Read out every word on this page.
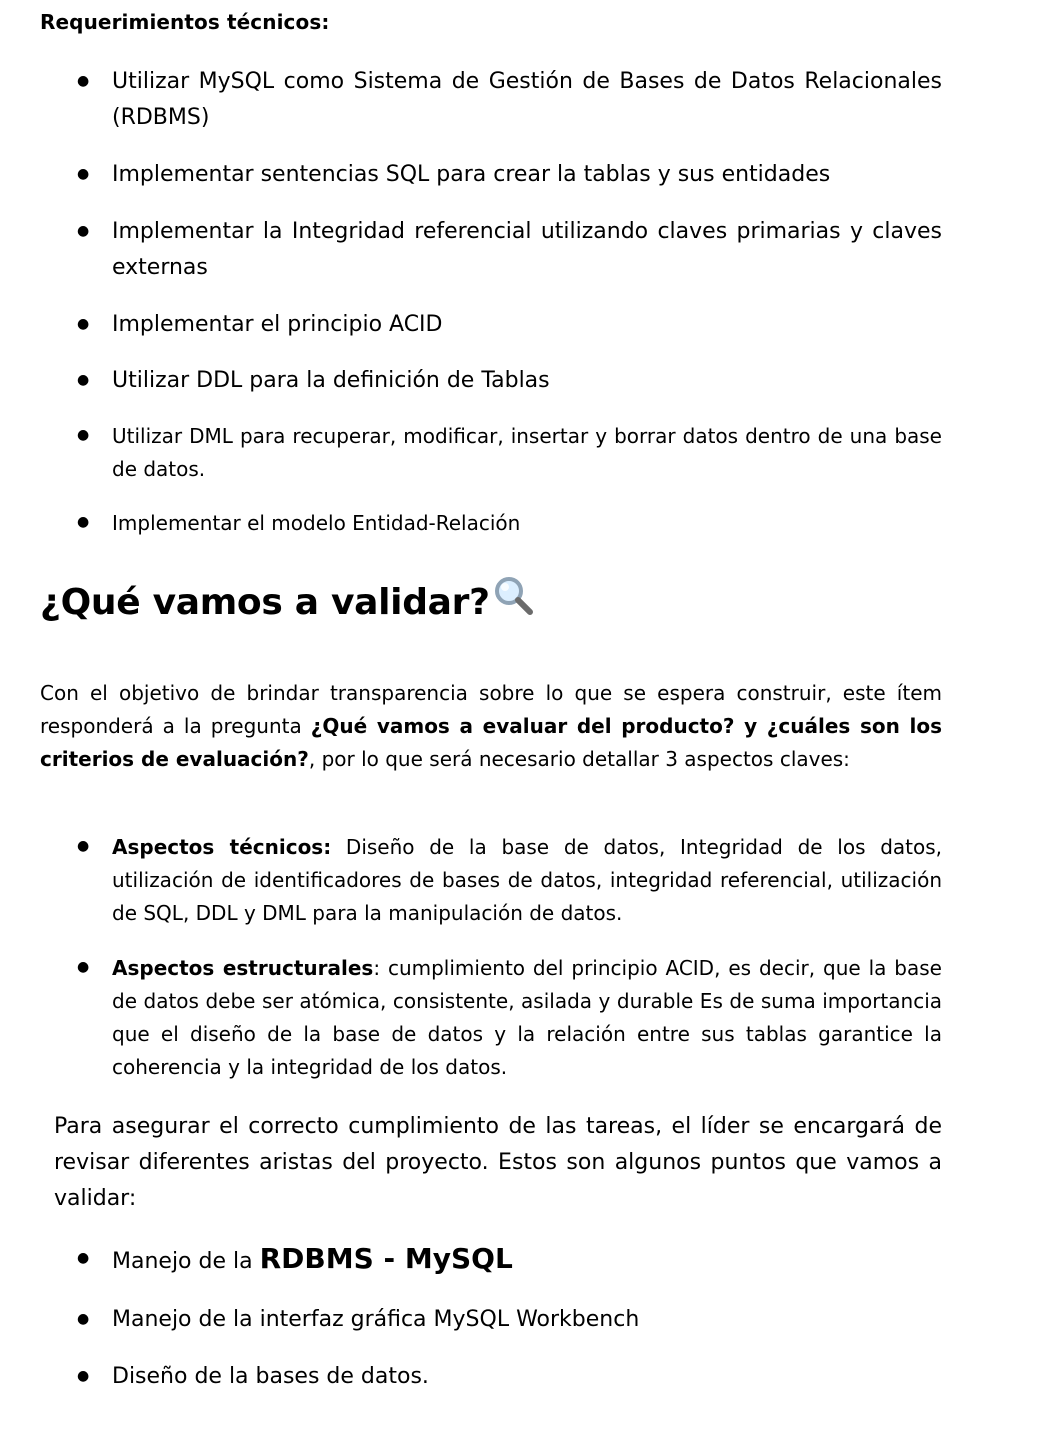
Requerimientos técnicos:
● Utilizar MySQL como Sistema de Gestión de Bases de Datos Relacionales (RDBMS)
● Implementar sentencias SQL para crear la tablas y sus entidades
● Implementar la Integridad referencial utilizando claves primarias y claves externas
● Implementar el principio ACID
● Utilizar DDL para la definición de Tablas
● Utilizar DML para recuperar, modificar, insertar y borrar datos dentro de una base de datos.
● Implementar el modelo Entidad-Relación
¿Qué vamos a validar?

Con el objetivo de brindar transparencia sobre lo que se espera construir, este ítem responderá a la pregunta ¿Qué vamos a evaluar del producto? y ¿cuáles son los criterios de evaluación?, por lo que será necesario detallar 3 aspectos claves:

● Aspectos técnicos: Diseño de la base de datos, Integridad de los datos, utilización de identificadores de bases de datos, integridad referencial, utilización de SQL, DDL y DML para la manipulación de datos.
● Aspectos estructurales: cumplimiento del principio ACID, es decir, que la base de datos debe ser atómica, consistente, asilada y durable Es de suma importancia que el diseño de la base de datos y la relación entre sus tablas garantice la coherencia y la integridad de los datos.

Para asegurar el correcto cumplimiento de las tareas, el líder se encargará de revisar diferentes aristas del proyecto. Estos son algunos puntos que vamos a validar:

● Manejo de la RDBMS - MySQL
● Manejo de la interfaz gráfica MySQL Workbench
● Diseño de la bases de datos.
